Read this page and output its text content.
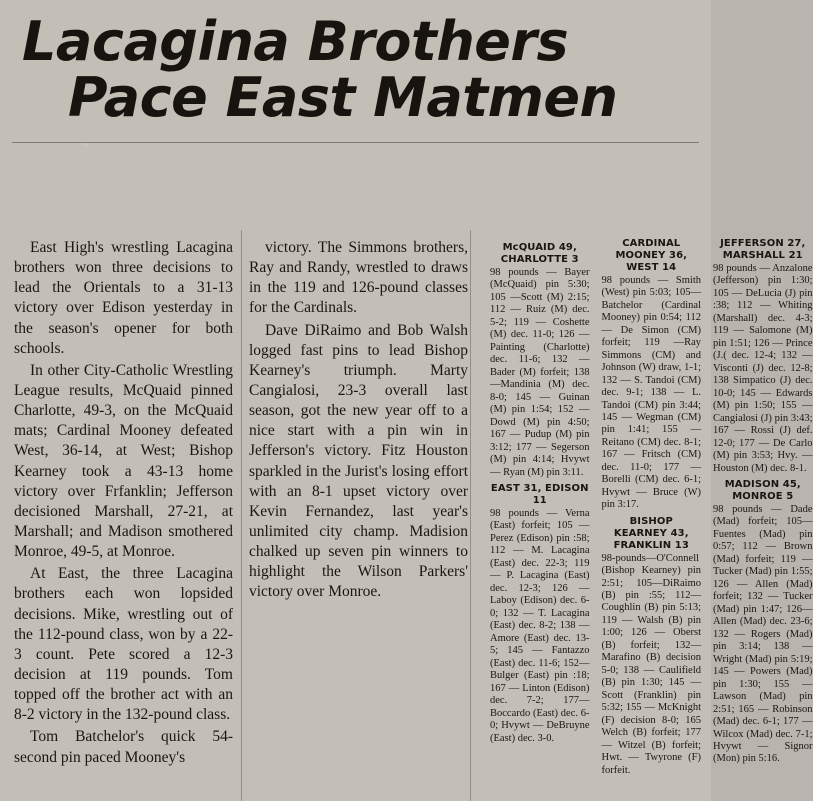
Lacagina Brothers
Pace East Matmen

East High's wrestling Lacagina brothers won three decisions to lead the Orientals to a 31-13 victory over Edison yesterday in the season's opener for both schools.

In other City-Catholic Wrestling League results, McQuaid pinned Charlotte, 49-3, on the McQuaid mats; Cardinal Mooney defeated West, 36-14, at West; Bishop Kearney took a 43-13 home victory over Frfanklin; Jefferson decisioned Marshall, 27-21, at Marshall; and Madison smothered Monroe, 49-5, at Monroe.

At East, the three Lacagina brothers each won lopsided decisions. Mike, wrestling out of the 112-pound class, won by a 22-3 count. Pete scored a 12-3 decision at 119 pounds. Tom topped off the brother act with an 8-2 victory in the 132-pound class.

Tom Batchelor's quick 54-second pin paced Mooney's

victory. The Simmons brothers, Ray and Randy, wrestled to draws in the 119 and 126-pound classes for the Cardinals.

Dave DiRaimo and Bob Walsh logged fast pins to lead Bishop Kearney's triumph. Marty Cangialosi, 23-3 overall last season, got the new year off to a nice start with a pin win in Jefferson's victory. Fitz Houston sparkled in the Jurist's losing effort with an 8-1 upset victory over Kevin Fernandez, last year's unlimited city champ. Madision chalked up seven pin winners to highlight the Wilson Parkers' victory over Monroe.

McQUAID 49, CHARLOTTE 3

98 pounds — Bayer (McQuaid) pin 5:30; 105 —Scott (M) 2:15; 112 — Ruiz (M) dec. 5-2; 119 — Coshette (M) dec. 11-0; 126 — Painting (Charlotte) dec. 11-6; 132 — Bader (M) forfeit; 138 —Mandinia (M) dec. 8-0; 145 — Guinan (M) pin 1:54; 152 — Dowd (M) pin 4:50; 167 — Pudup (M) pin 3:12; 177 — Segerson (M) pin 4:14; Hvywt — Ryan (M) pin 3:11.

EAST 31, EDISON 11

98 pounds — Verna (East) forfeit; 105 — Perez (Edison) pin :58; 112 — M. Lacagina (East) dec. 22-3; 119 — P. Lacagina (East) dec. 12-3; 126 — Laboy (Edison) dec. 6-0; 132 — T. Lacagina (East) dec. 8-2; 138 — Amore (East) dec. 13-5; 145 — Fantazzo (East) dec. 11-6; 152—Bulger (East) pin :18; 167 — Linton (Edison) dec. 7-2; 177— Boccardo (East) dec. 6-0; Hvywt — DeBruyne (East) dec. 3-0.

CARDINAL MOONEY 36, WEST 14

98 pounds — Smith (West) pin 5:03; 105— Batchelor (Cardinal Mooney) pin 0:54; 112 — De Simon (CM) forfeit; 119 —Ray Simmons (CM) and Johnson (W) draw, 1-1; 132 — S. Tandoi (CM) dec. 9-1; 138 — L. Tandoi (CM) pin 3:44; 145 — Wegman (CM) pin 1:41; 155 — Reitano (CM) dec. 8-1; 167 — Fritsch (CM) dec. 11-0; 177 — Borelli (CM) dec. 6-1; Hvywt — Bruce (W) pin 3:17.

BISHOP KEARNEY 43, FRANKLIN 13

98-pounds—O'Connell (Bishop Kearney) pin 2:51; 105—DiRaimo (B) pin :55; 112—Coughlin (B) pin 5:13; 119 — Walsh (B) pin 1:00; 126 — Oberst (B) forfeit; 132—Marafino (B) decision 5-0; 138 — Caulifield (B) pin 1:30; 145 — Scott (Franklin) pin 5:32; 155 — McKnight (F) decision 8-0; 165 Welch (B) forfeit; 177 — Witzel (B) forfeit; Hwt. — Twyrone (F) forfeit.

JEFFERSON 27, MARSHALL 21

98 pounds — Anzalone (Jefferson) pin 1:30; 105 — DeLucia (J) pin :38; 112 — Whiting (Marshall) dec. 4-3; 119 — Salomone (M) pin 1:51; 126 — Prince (J.( dec. 12-4; 132 — Visconti (J) dec. 12-8; 138 Simpatico (J) dec. 10-0; 145 — Edwards (M) pin 1:50; 155 — Cangialosi (J) pin 3:43; 167 — Rossi (J) def. 12-0; 177 — De Carlo (M) pin 3:53; Hvy. — Houston (M) dec. 8-1.

MADISON 45, MONROE 5

98 pounds — Dade (Mad) forfeit; 105— Fuentes (Mad) pin 0:57; 112 — Brown (Mad) forfeit; 119 — Tucker (Mad) pin 1:55; 126 — Allen (Mad) forfeit; 132 — Tucker (Mad) pin 1:47; 126—Allen (Mad) dec. 23-6; 132 — Rogers (Mad) pin 3:14; 138 — Wright (Mad) pin 5:19; 145 — Powers (Mad) pin 1:30; 155 — Lawson (Mad) pin 2:51; 165 — Robinson (Mad) dec. 6-1; 177 — Wilcox (Mad) dec. 7-1; Hvywt — Signor (Mon) pin 5:16.
